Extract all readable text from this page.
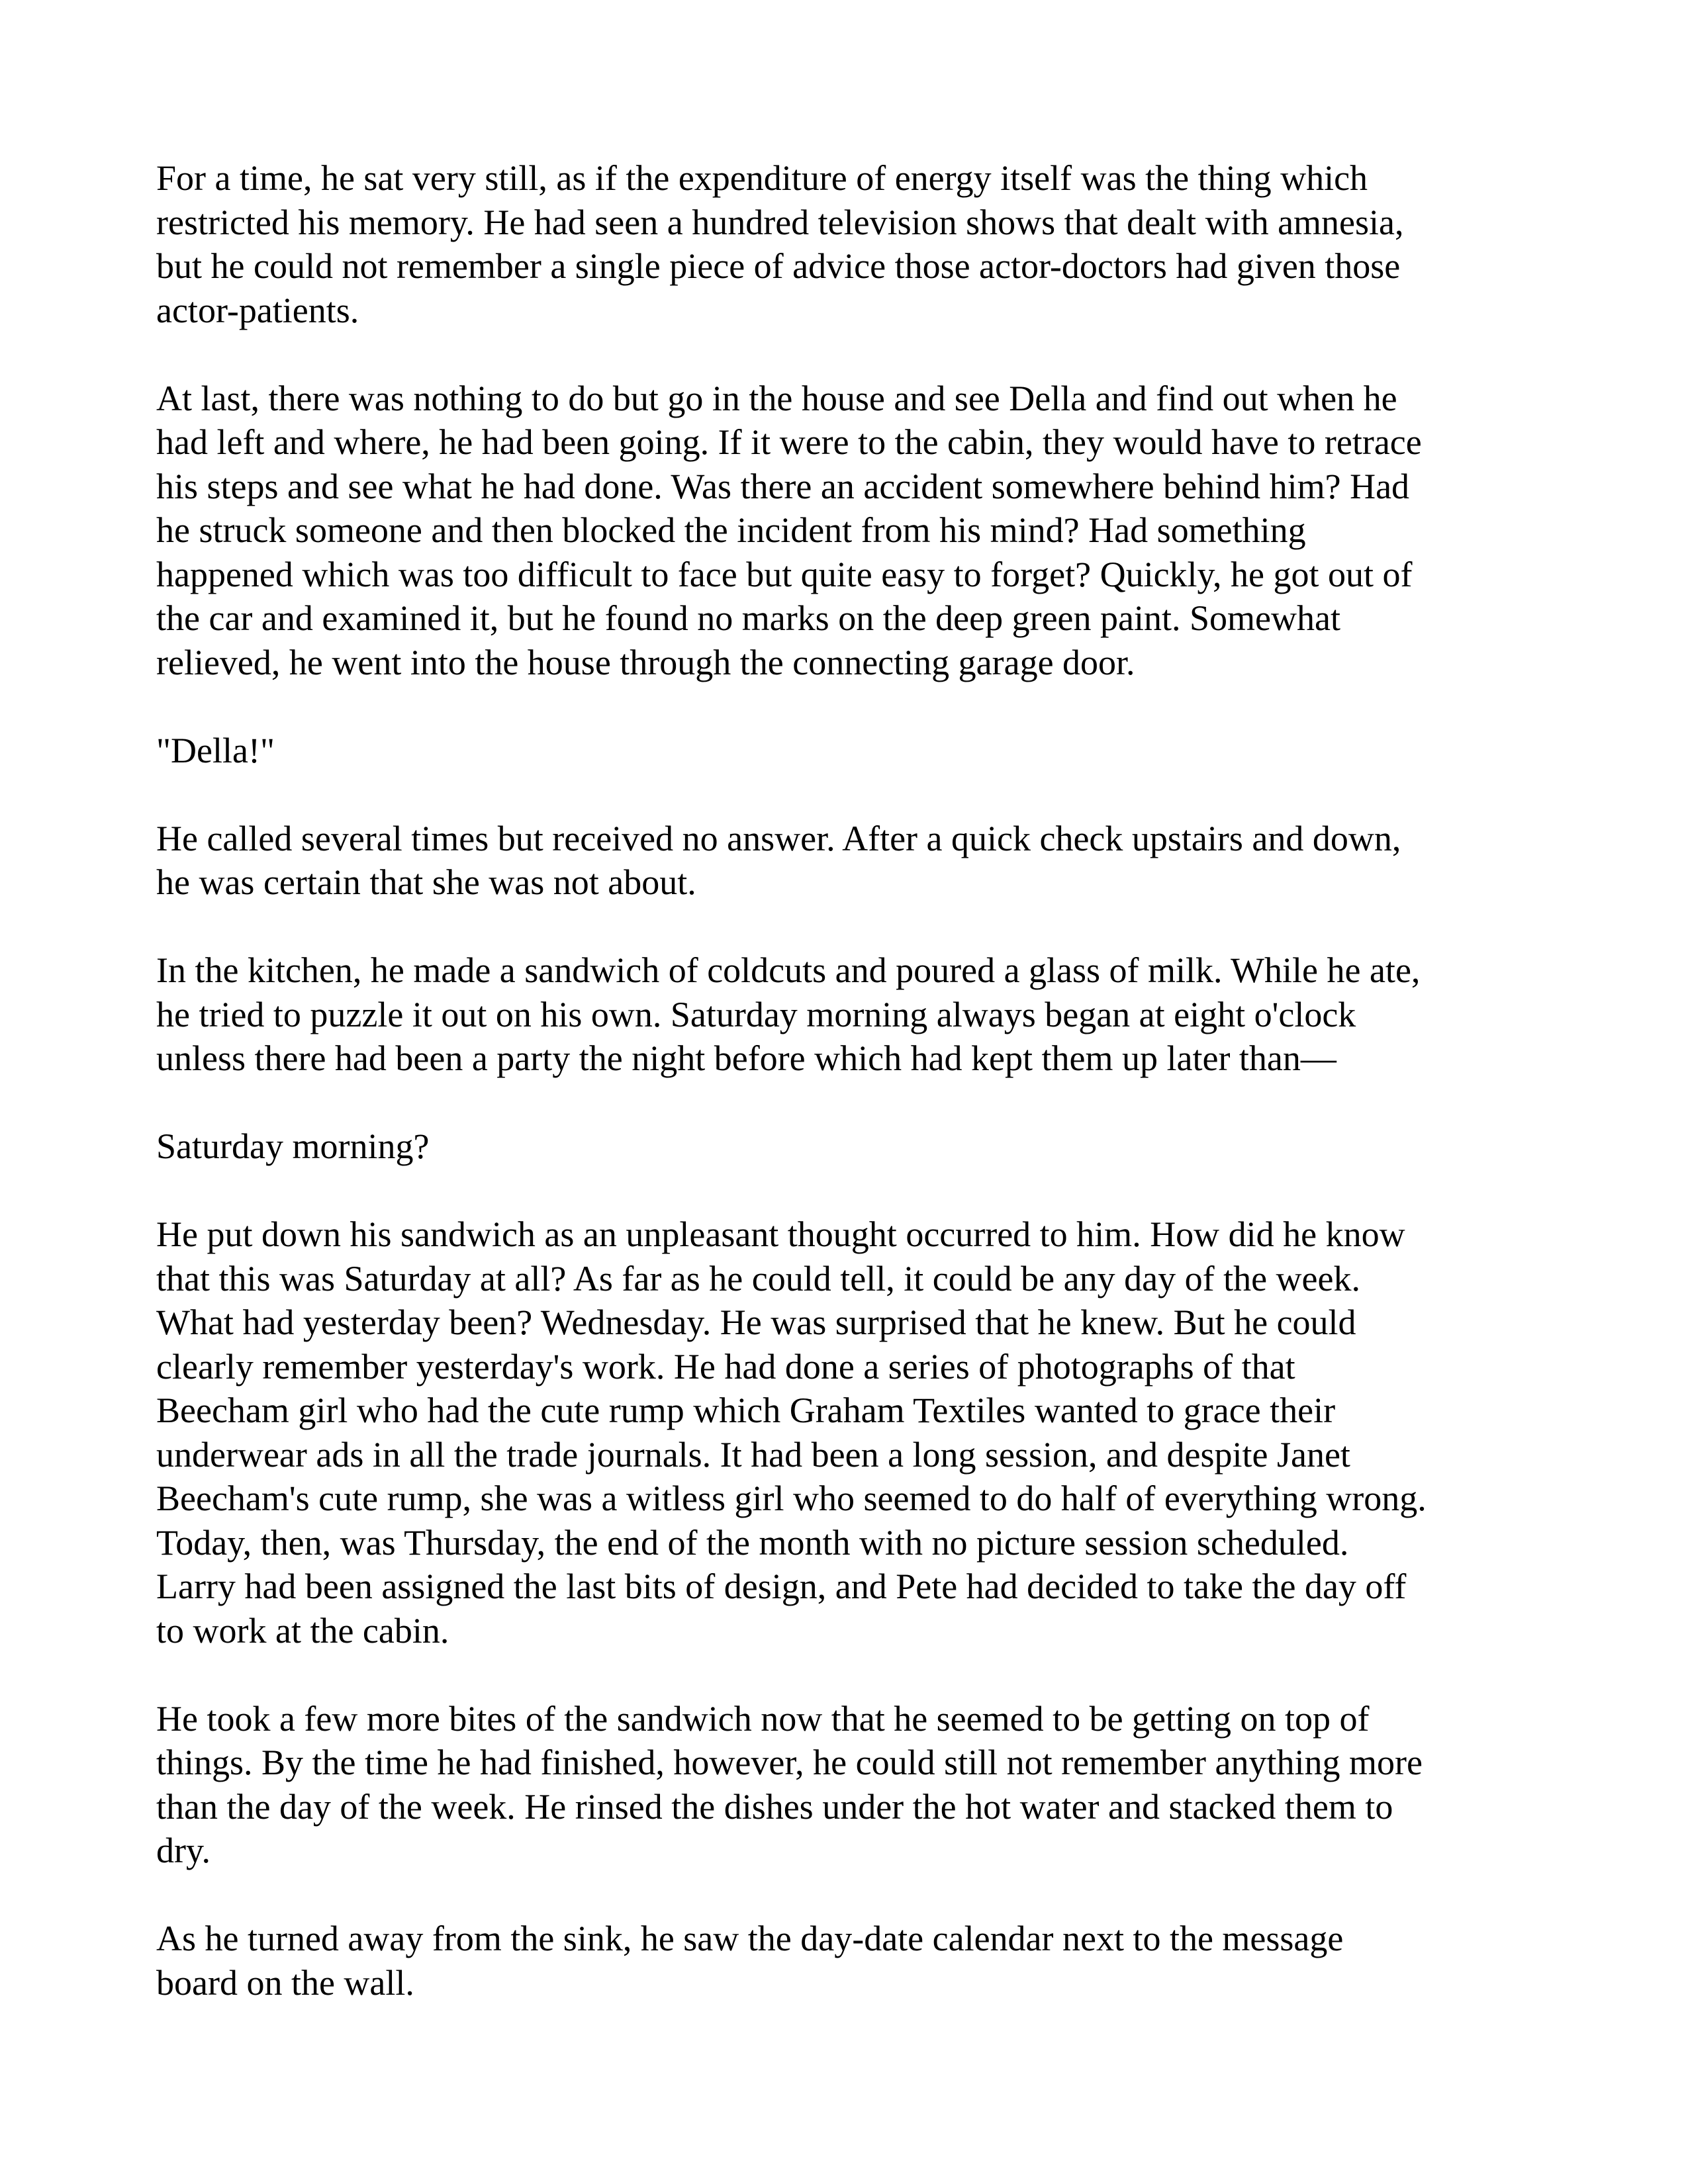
For a time, he sat very still, as if the expenditure of energy itself was the thing which
restricted his memory. He had seen a hundred television shows that dealt with amnesia,
but he could not remember a single piece of advice those actor-doctors had given those
actor-patients.

At last, there was nothing to do but go in the house and see Della and find out when he
had left and where, he had been going. If it were to the cabin, they would have to retrace
his steps and see what he had done. Was there an accident somewhere behind him? Had
he struck someone and then blocked the incident from his mind? Had something
happened which was too difficult to face but quite easy to forget? Quickly, he got out of
the car and examined it, but he found no marks on the deep green paint. Somewhat
relieved, he went into the house through the connecting garage door.

"Della!"

He called several times but received no answer. After a quick check upstairs and down,
he was certain that she was not about.

In the kitchen, he made a sandwich of coldcuts and poured a glass of milk. While he ate,
he tried to puzzle it out on his own. Saturday morning always began at eight o'clock
unless there had been a party the night before which had kept them up later than—

Saturday morning?

He put down his sandwich as an unpleasant thought occurred to him. How did he know
that this was Saturday at all? As far as he could tell, it could be any day of the week.
What had yesterday been? Wednesday. He was surprised that he knew. But he could
clearly remember yesterday's work. He had done a series of photographs of that
Beecham girl who had the cute rump which Graham Textiles wanted to grace their
underwear ads in all the trade journals. It had been a long session, and despite Janet
Beecham's cute rump, she was a witless girl who seemed to do half of everything wrong.
Today, then, was Thursday, the end of the month with no picture session scheduled.
Larry had been assigned the last bits of design, and Pete had decided to take the day off
to work at the cabin.

He took a few more bites of the sandwich now that he seemed to be getting on top of
things. By the time he had finished, however, he could still not remember anything more
than the day of the week. He rinsed the dishes under the hot water and stacked them to
dry.

As he turned away from the sink, he saw the day-date calendar next to the message
board on the wall.
